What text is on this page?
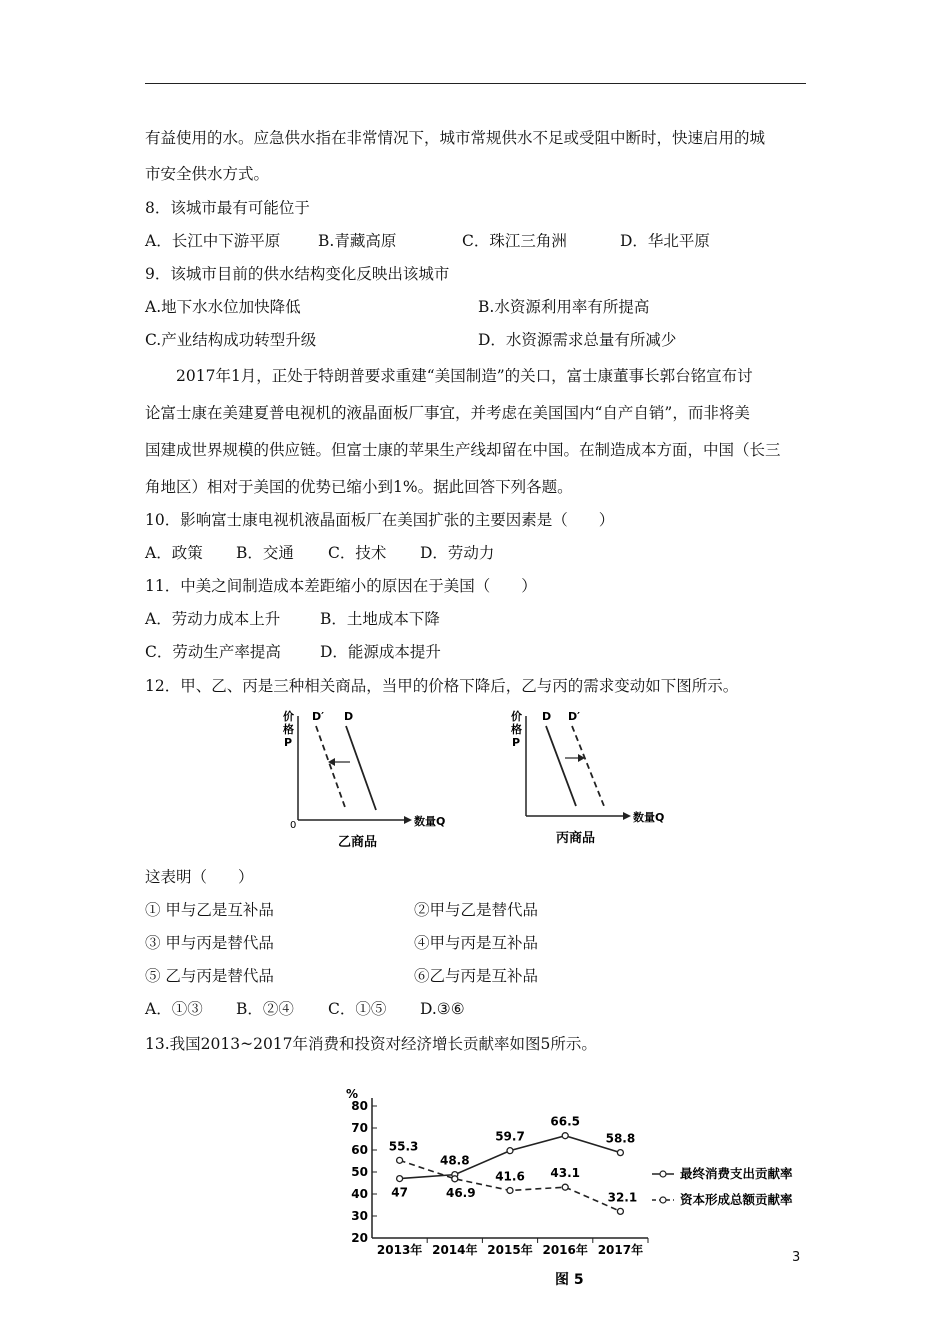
有益使用的水。应急供水指在非常情况下，城市常规供水不足或受阻中断时，快速启用的城
市安全供水方式。
8．该城市最有可能位于
A．长江中下游平原 B.青藏高原	C．珠江三角洲	D．华北平原
9．该城市目前的供水结构变化反映出该城市
A.地下水水位加快降低	B.水资源利用率有所提高
C.产业结构成功转型升级	D．水资源需求总量有所减少
2017年1月，正处于特朗普要求重建“美国制造”的关口，富士康董事长郭台铭宣布讨
论富士康在美建夏普电视机的液晶面板厂事宜，并考虑在美国国内“自产自销”，而非将美
国建成世界规模的供应链。但富士康的苹果生产线却留在中国。在制造成本方面，中国（长三
角地区）相对于美国的优势已缩小到1%。据此回答下列各题。
10．影响富士康电视机液晶面板厂在美国扩张的主要因素是（　　）
A．政策 B．交通 C．技术 D．劳动力
11．中美之间制造成本差距缩小的原因在于美国（　　）
A．劳动力成本上升	B．土地成本下降
C．劳动生产率提高	D．能源成本提升
12．甲、乙、丙是三种相关商品，当甲的价格下降后，乙与丙的需求变动如下图所示。
价
格
P
0	数量Q
D′ D
乙商品
价
格
P
数量Q
D D′
丙商品
这表明（　　）
① 甲与乙是互补品	②甲与乙是替代品
③ 甲与丙是替代品	④甲与丙是互补品
⑤ 乙与丙是替代品	⑥乙与丙是互补品
A．①③ B．②④ C．①⑤ D.③⑥
13.我国2013~2017年消费和投资对经济增长贡献率如图5所示。
%
20
30
40
50
60
70
80
2013年 2014年 2015年 2016年 2017年
47
48.8
59.7
66.5
58.8
55.3
46.9
41.6 43.1
32.1
最终消费支出贡献率
资本形成总额贡献率
图 5
3
